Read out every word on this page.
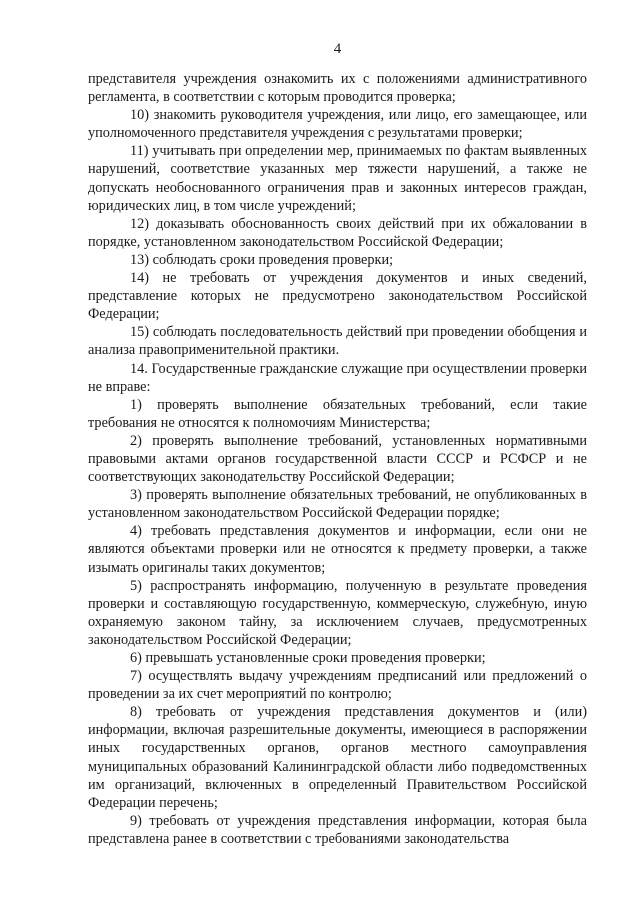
4

представителя учреждения ознакомить их с положениями административного регламента, в соответствии с которым проводится проверка;

10) знакомить руководителя учреждения, или лицо, его замещающее, или уполномоченного представителя учреждения с результатами проверки;

11) учитывать при определении мер, принимаемых по фактам выявленных нарушений, соответствие указанных мер тяжести нарушений, а также не допускать необоснованного ограничения прав и законных интересов граждан, юридических лиц, в том числе учреждений;

12) доказывать обоснованность своих действий при их обжаловании в порядке, установленном законодательством Российской Федерации;

13) соблюдать сроки проведения проверки;

14) не требовать от учреждения документов и иных сведений, представление которых не предусмотрено законодательством Российской Федерации;

15) соблюдать последовательность действий при проведении обобщения и анализа правоприменительной практики.

14. Государственные гражданские служащие при осуществлении проверки не вправе:

1) проверять выполнение обязательных требований, если такие требования не относятся к полномочиям Министерства;

2) проверять выполнение требований, установленных нормативными правовыми актами органов государственной власти СССР и РСФСР и не соответствующих законодательству Российской Федерации;

3) проверять выполнение обязательных требований, не опубликованных в установленном законодательством Российской Федерации порядке;

4) требовать представления документов и информации, если они не являются объектами проверки или не относятся к предмету проверки, а также изымать оригиналы таких документов;

5) распространять информацию, полученную в результате проведения проверки и составляющую государственную, коммерческую, служебную, иную охраняемую законом тайну, за исключением случаев, предусмотренных законодательством Российской Федерации;

6) превышать установленные сроки проведения проверки;

7) осуществлять выдачу учреждениям предписаний или предложений о проведении за их счет мероприятий по контролю;

8) требовать от учреждения представления документов и (или) информации, включая разрешительные документы, имеющиеся в распоряжении иных государственных органов, органов местного самоуправления муниципальных образований Калининградской области либо подведомственных им организаций, включенных в определенный Правительством Российской Федерации перечень;

9) требовать от учреждения представления информации, которая была представлена ранее в соответствии с требованиями законодательства
